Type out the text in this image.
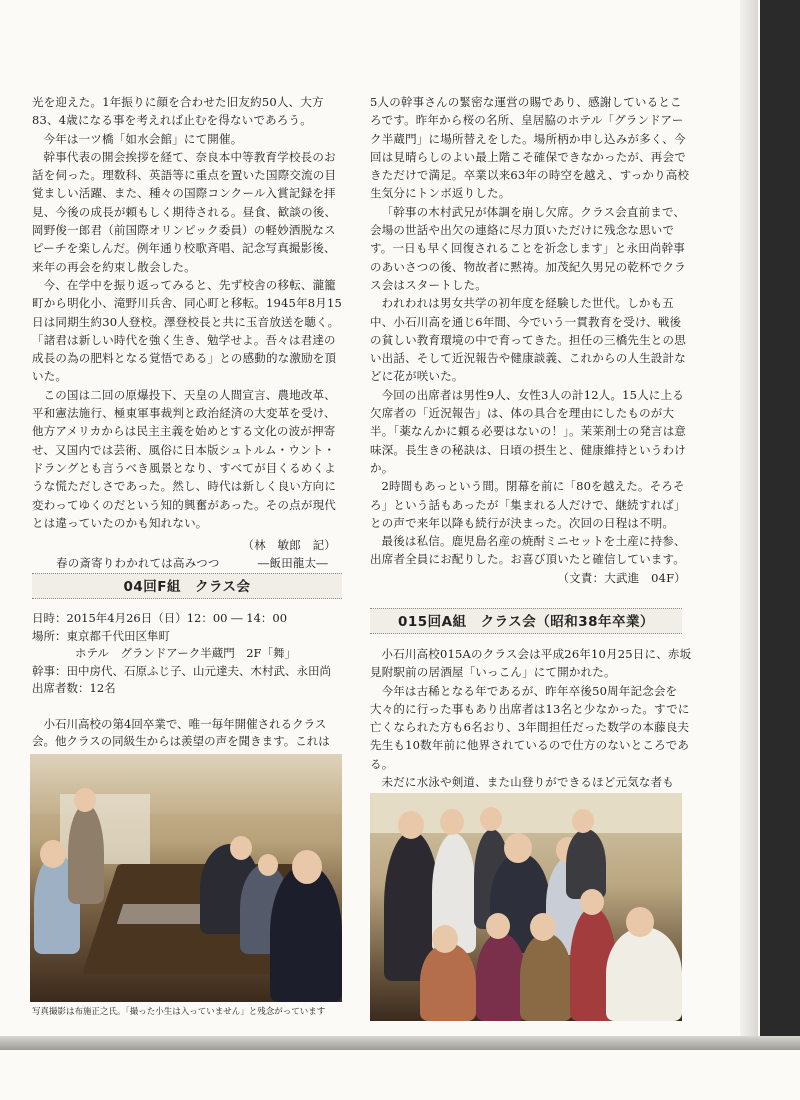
光を迎えた。1年振りに顔を合わせた旧友約50人、大方83、4歳になる事を考えれば止むを得ないであろう。

今年は一ツ橋「如水会館」にて開催。

幹事代表の開会挨拶を経て、奈良本中等教育学校長のお話を伺った。理数科、英語等に重点を置いた国際交流の目覚ましい活躍、また、種々の国際コンクール入賞記録を拝見、今後の成長が頼もしく期待される。昼食、歓談の後、岡野俊一郎君（前国際オリンピック委員）の軽妙洒脱なスピーチを楽しんだ。例年通り校歌斉唱、記念写真撮影後、来年の再会を約束し散会した。

今、在学中を振り返ってみると、先ず校舎の移転、瀧籠町から明化小、滝野川兵舎、同心町と移転。1945年8月15日は同期生約30人登校。澤登校長と共に玉音放送を聴く。「諸君は新しい時代を強く生き、勉学せよ。吾々は君達の成長の為の肥料となる覚悟である」との感動的な激励を頂いた。

この国は二回の原爆投下、天皇の人間宣言、農地改革、平和憲法施行、極東軍事裁判と政治経済の大変革を受け、他方アメリカからは民主主義を始めとする文化の波が押寄せ、又国内では芸術、風俗に日本版シュトルム・ウント・ドラングとも言うべき風景となり、すべてが目くるめくような慌ただしさであった。然し、時代は新しく良い方向に変わってゆくのだという知的興奮があった。その点が現代とは違っていたのかも知れない。

（林　敏郎　記）

春の斎寄りわかれては高みつつ	―飯田龍太―
04回F組　クラス会
日時：2015年4月26日（日）12：00 ― 14：00
場所：東京都千代田区隼町
ホテル　グランドアーク半蔵門　2F「舞」
幹事：田中房代、石原ふじ子、山元達夫、木村武、永田尚
出席者数：12名

小石川高校の第4回卒業で、唯一毎年開催されるクラス会。他クラスの同級生からは羨望の声を聞きます。これは

写真撮影は布施正之氏。「撮った小生は入っていません」と残念がっています

5人の幹事さんの緊密な運営の賜であり、感謝しているところです。昨年から桜の名所、皇居脇のホテル「グランドアーク半蔵門」に場所替えをした。場所柄か申し込みが多く、今回は見晴らしのよい最上階こそ確保できなかったが、再会できただけで満足。卒業以来63年の時空を越え、すっかり高校生気分にトンボ返りした。

「幹事の木村武兄が体調を崩し欠席。クラス会直前まで、会場の世話や出欠の連絡に尽力頂いただけに残念な思いです。一日も早く回復されることを祈念します」と永田尚幹事のあいさつの後、物故者に黙祷。加茂紀久男兄の乾杯でクラス会はスタートした。

われわれは男女共学の初年度を経験した世代。しかも五中、小石川高を通じ6年間、今でいう一貫教育を受け、戦後の貧しい教育環境の中で育ってきた。担任の三橋先生との思い出話、そして近況報告や健康談義、これからの人生設計などに花が咲いた。

今回の出席者は男性9人、女性3人の計12人。15人に上る欠席者の「近況報告」は、体の具合を理由にしたものが大半。「薬なんかに頼る必要はないの！」。茉莱剤士の発言は意味深。長生きの秘訣は、日頃の摂生と、健康維持というわけか。

2時間もあっという間。閉幕を前に「80を越えた。そろそろ」という話もあったが「集まれる人だけで、継続すれば」との声で来年以降も続行が決まった。次回の日程は不明。

最後は私信。鹿児島名産の焼酎ミニセットを土産に持参、出席者全員にお配りした。お喜び頂いたと確信しています。

（文責：大武進　04F）

015回A組　クラス会（昭和38年卒業）

小石川高校015Aのクラス会は平成26年10月25日に、赤坂見附駅前の居酒屋「いっこん」にて開かれた。

今年は古稀となる年であるが、昨年卒後50周年記念会を大々的に行った事もあり出席者は13名と少なかった。すでに亡くなられた方も6名おり、3年間担任だった数学の本藤良夫先生も10数年前に他界されているので仕方のないところである。

未だに水泳や剣道、また山登りができるほど元気な者も
